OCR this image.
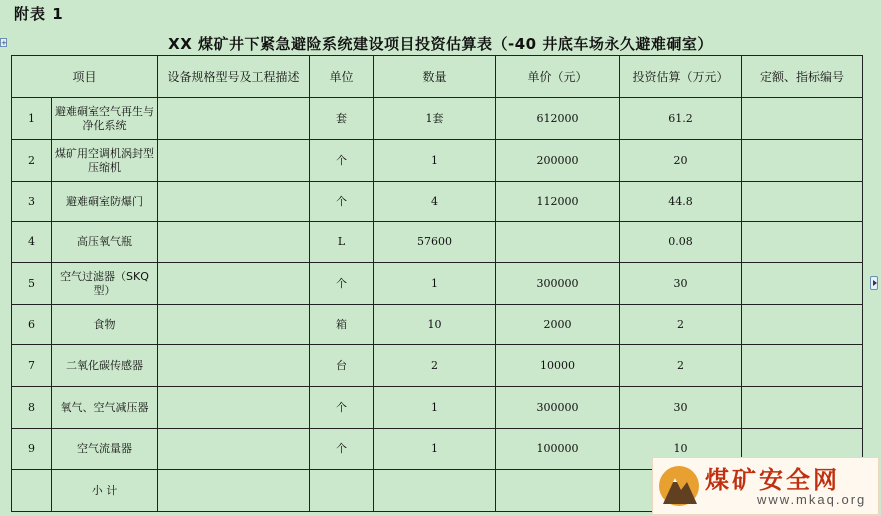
附表 1
+	XX 煤矿井下紧急避险系统建设项目投资估算表（-40 井底车场永久避难硐室）
项目		设备规格型号及工程描述	单位	数量	单价（元）	投资估算（万元）	定额、指标编号
1	避难硐室空气再生与净化系统		套	1套	612000	61.2	
2	煤矿用空调机涡封型压缩机		个	1	200000	20	
3	避难硐室防爆门		个	4	112000	44.8	
4	高压氧气瓶		L	57600		0.08	
5	空气过滤器（SKQ型）		个	1	300000	30	
6	食物		箱	10	2000	2	
7	二氧化碳传感器		台	2	10000	2	
8	氧气、空气减压器		个	1	300000	30	
9	空气流量器		个	1	100000	10	
	小 计							煤矿安全网
www.mkaq.org
